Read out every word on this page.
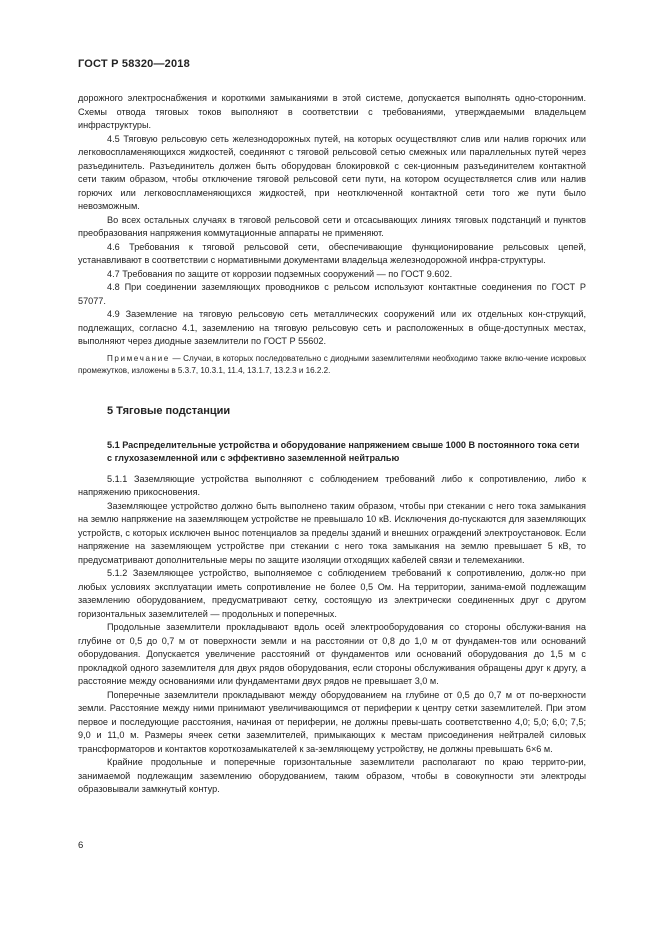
ГОСТ Р 58320—2018

дорожного электроснабжения и короткими замыканиями в этой системе, допускается выполнять одно-сторонним. Схемы отвода тяговых токов выполняют в соответствии с требованиями, утверждаемыми владельцем инфраструктуры.

4.5 Тяговую рельсовую сеть железнодорожных путей, на которых осуществляют слив или налив горючих или легковоспламеняющихся жидкостей, соединяют с тяговой рельсовой сетью смежных или параллельных путей через разъединитель. Разъединитель должен быть оборудован блокировкой с сек-ционным разъединителем контактной сети таким образом, чтобы отключение тяговой рельсовой сети пути, на котором осуществляется слив или налив горючих или легковоспламеняющихся жидкостей, при неотключенной контактной сети того же пути было невозможным.

Во всех остальных случаях в тяговой рельсовой сети и отсасывающих линиях тяговых подстанций и пунктов преобразования напряжения коммутационные аппараты не применяют.

4.6 Требования к тяговой рельсовой сети, обеспечивающие функционирование рельсовых цепей, устанавливают в соответствии с нормативными документами владельца железнодорожной инфра-структуры.

4.7 Требования по защите от коррозии подземных сооружений — по ГОСТ 9.602.

4.8 При соединении заземляющих проводников с рельсом используют контактные соединения по ГОСТ Р 57077.

4.9 Заземление на тяговую рельсовую сеть металлических сооружений или их отдельных кон-струкций, подлежащих, согласно 4.1, заземлению на тяговую рельсовую сеть и расположенных в обще-доступных местах, выполняют через диодные заземлители по ГОСТ Р 55602.

Примечание — Случаи, в которых последовательно с диодными заземлителями необходимо также вклю-чение искровых промежутков, изложены в 5.3.7, 10.3.1, 11.4, 13.1.7, 13.2.3 и 16.2.2.

5 Тяговые подстанции

5.1 Распределительные устройства и оборудование напряжением свыше 1000 В постоянного тока сети с глухозаземленной или с эффективно заземленной нейтралью

5.1.1 Заземляющие устройства выполняют с соблюдением требований либо к сопротивлению, либо к напряжению прикосновения.

Заземляющее устройство должно быть выполнено таким образом, чтобы при стекании с него тока замыкания на землю напряжение на заземляющем устройстве не превышало 10 кВ. Исключения до-пускаются для заземляющих устройств, с которых исключен вынос потенциалов за пределы зданий и внешних ограждений электроустановок. Если напряжение на заземляющем устройстве при стекании с него тока замыкания на землю превышает 5 кВ, то предусматривают дополнительные меры по защите изоляции отходящих кабелей связи и телемеханики.

5.1.2 Заземляющее устройство, выполняемое с соблюдением требований к сопротивлению, долж-но при любых условиях эксплуатации иметь сопротивление не более 0,5 Ом. На территории, занима-емой подлежащим заземлению оборудованием, предусматривают сетку, состоящую из электрически соединенных друг с другом горизонтальных заземлителей — продольных и поперечных.

Продольные заземлители прокладывают вдоль осей электрооборудования со стороны обслужи-вания на глубине от 0,5 до 0,7 м от поверхности земли и на расстоянии от 0,8 до 1,0 м от фундамен-тов или оснований оборудования. Допускается увеличение расстояний от фундаментов или оснований оборудования до 1,5 м с прокладкой одного заземлителя для двух рядов оборудования, если стороны обслуживания обращены друг к другу, а расстояние между основаниями или фундаментами двух рядов не превышает 3,0 м.

Поперечные заземлители прокладывают между оборудованием на глубине от 0,5 до 0,7 м от по-верхности земли. Расстояние между ними принимают увеличивающимся от периферии к центру сетки заземлителей. При этом первое и последующие расстояния, начиная от периферии, не должны превы-шать соответственно 4,0; 5,0; 6,0; 7,5; 9,0 и 11,0 м. Размеры ячеек сетки заземлителей, примыкающих к местам присоединения нейтралей силовых трансформаторов и контактов короткозамыкателей к за-земляющему устройству, не должны превышать 6×6 м.

Крайние продольные и поперечные горизонтальные заземлители располагают по краю террито-рии, занимаемой подлежащим заземлению оборудованием, таким образом, чтобы в совокупности эти электроды образовывали замкнутый контур.

6
